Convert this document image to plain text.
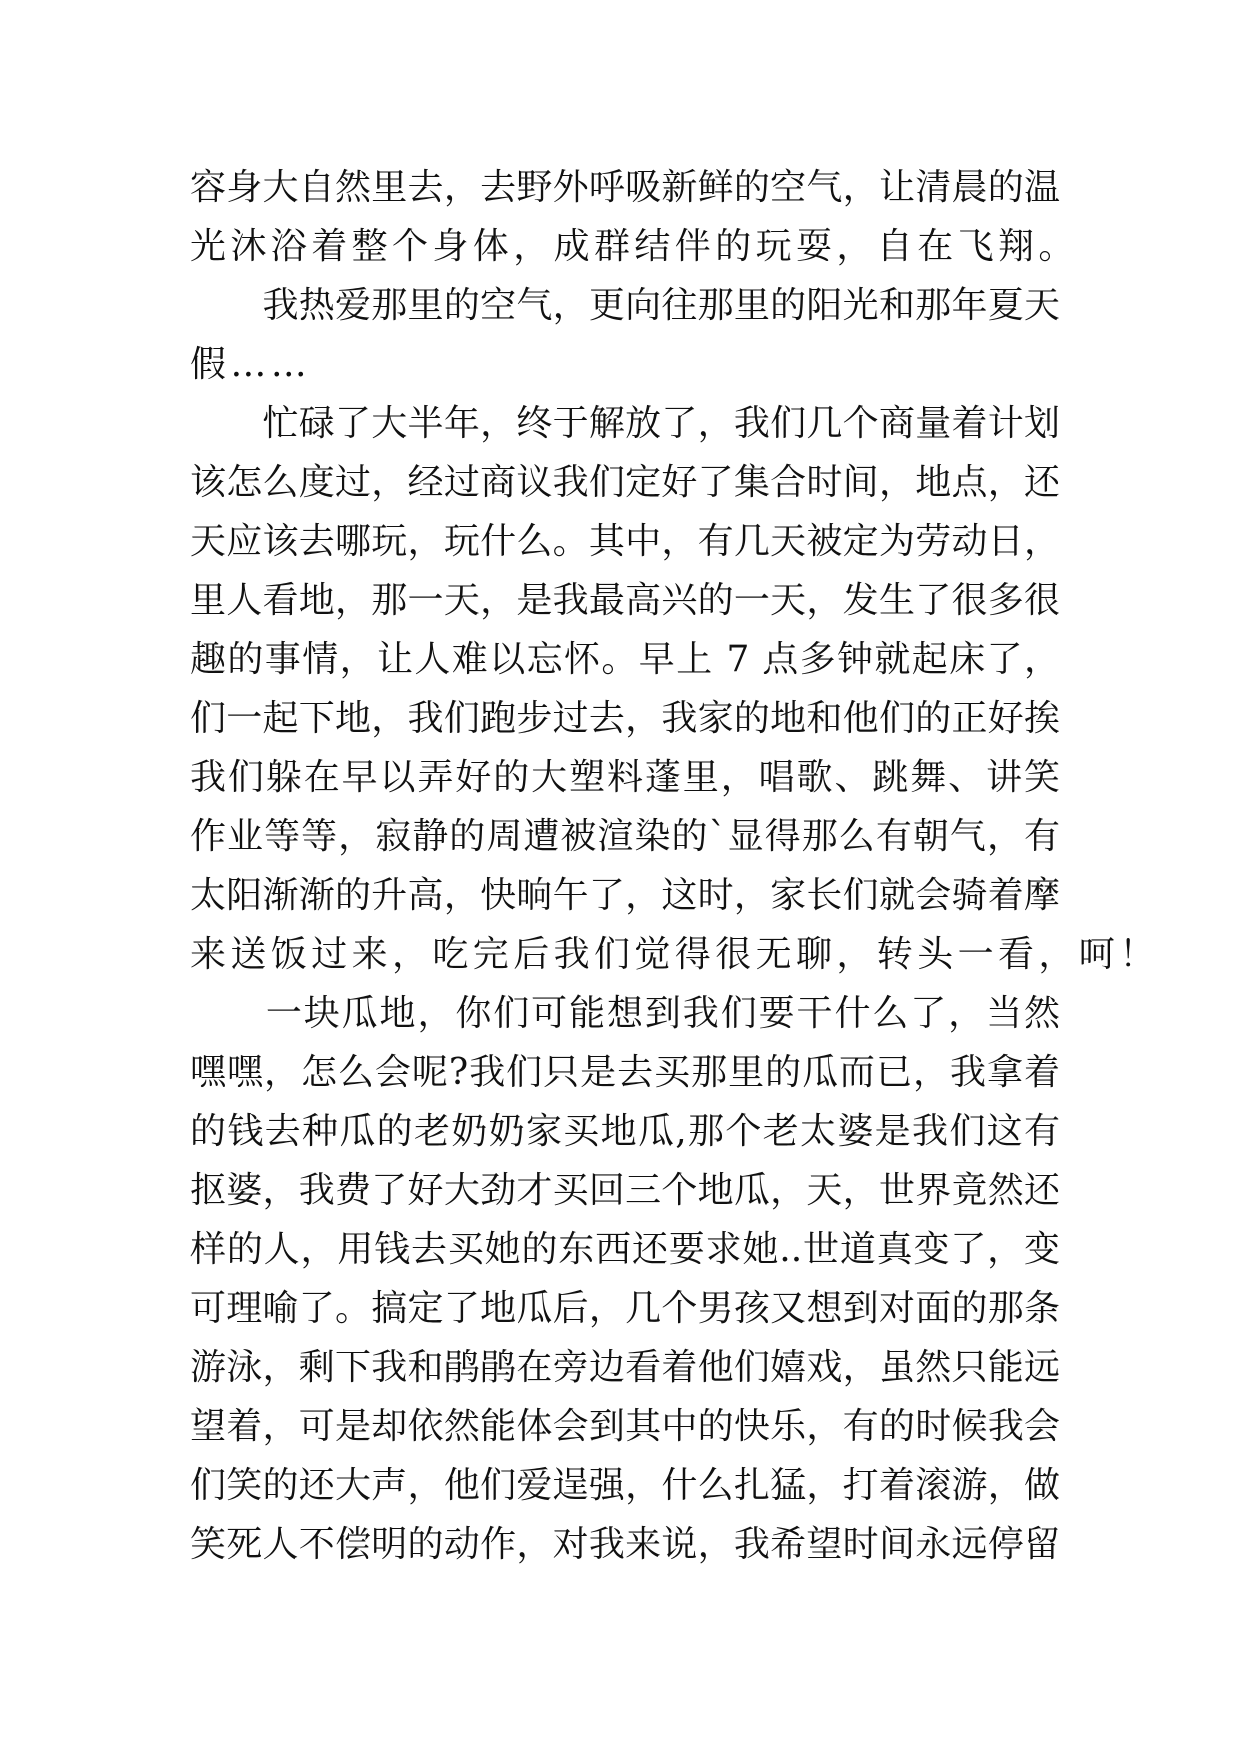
容身大自然里去，去野外呼吸新鲜的空气，让清晨的温
光沐浴着整个身体，成群结伴的玩耍，自在飞翔。
　　我热爱那里的空气，更向往那里的阳光和那年夏天
假……
　　忙碌了大半年，终于解放了，我们几个商量着计划
该怎么度过，经过商议我们定好了集合时间，地点，还
天应该去哪玩，玩什么。其中，有几天被定为劳动日，
里人看地，那一天，是我最高兴的一天，发生了很多很
趣的事情，让人难以忘怀。早上 7 点多钟就起床了，
们一起下地，我们跑步过去，我家的地和他们的正好挨
我们躲在早以弄好的大塑料蓬里，唱歌、跳舞、讲笑
作业等等，寂静的周遭被渲染的`显得那么有朝气，有
太阳渐渐的升高，快晌午了，这时，家长们就会骑着摩
来送饭过来，吃完后我们觉得很无聊，转头一看，呵！
　　一块瓜地，你们可能想到我们要干什么了，当然
嘿嘿，怎么会呢?我们只是去买那里的瓜而已，我拿着
的钱去种瓜的老奶奶家买地瓜,那个老太婆是我们这有
抠婆，我费了好大劲才买回三个地瓜，天，世界竟然还
样的人，用钱去买她的东西还要求她..世道真变了，变
可理喻了。搞定了地瓜后，几个男孩又想到对面的那条
游泳，剩下我和鹃鹃在旁边看着他们嬉戏，虽然只能远
望着，可是却依然能体会到其中的快乐，有的时候我会
们笑的还大声，他们爱逞强，什么扎猛，打着滚游，做
笑死人不偿明的动作，对我来说，我希望时间永远停留
